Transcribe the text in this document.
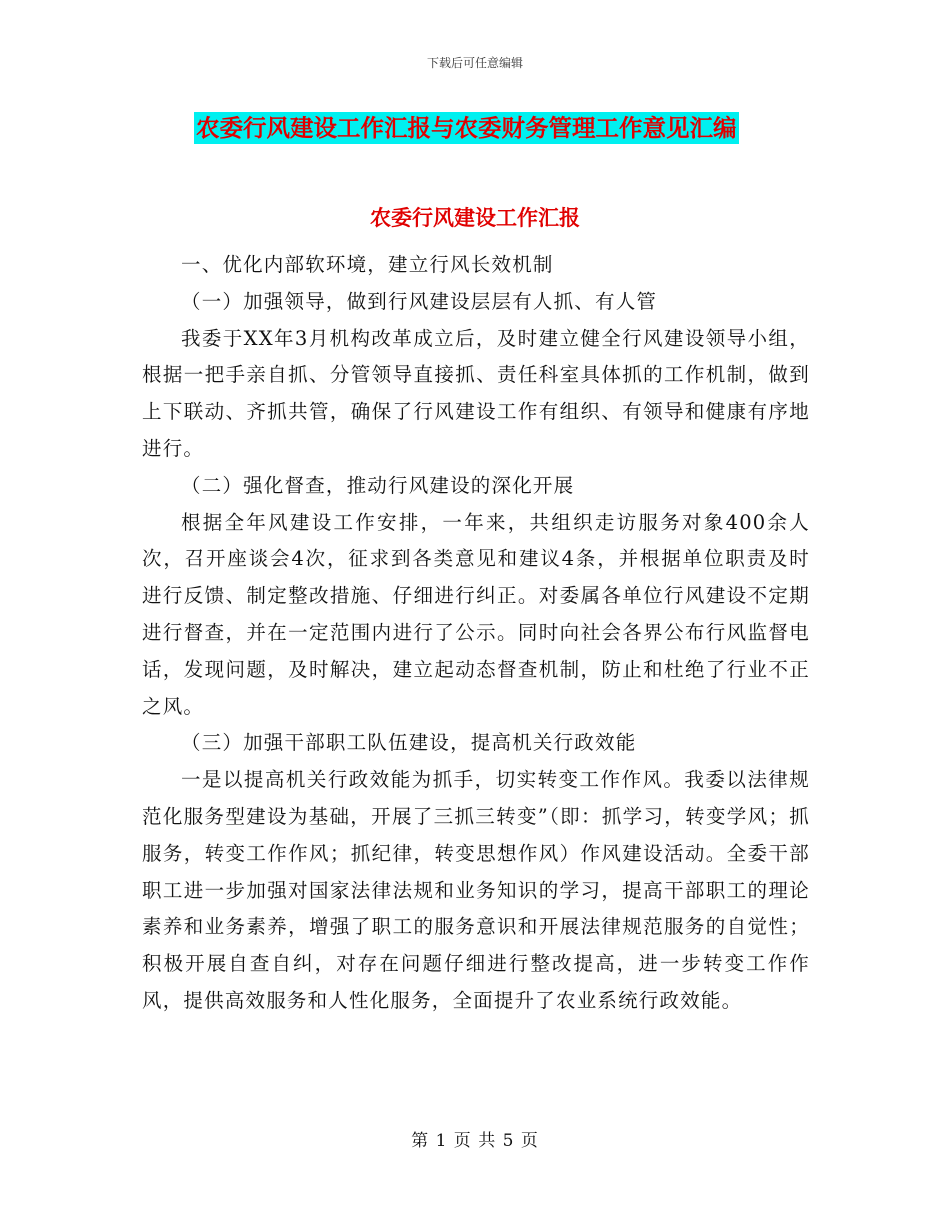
下载后可任意编辑
农委行风建设工作汇报与农委财务管理工作意见汇编
农委行风建设工作汇报

一、优化内部软环境，建立行风长效机制

（一）加强领导，做到行风建设层层有人抓、有人管

我委于XX年3月机构改革成立后，及时建立健全行风建设领导小组，根据一把手亲自抓、分管领导直接抓、责任科室具体抓的工作机制，做到上下联动、齐抓共管，确保了行风建设工作有组织、有领导和健康有序地进行。

（二）强化督查，推动行风建设的深化开展

根据全年风建设工作安排，一年来，共组织走访服务对象400余人次，召开座谈会4次，征求到各类意见和建议4条，并根据单位职责及时进行反馈、制定整改措施、仔细进行纠正。对委属各单位行风建设不定期进行督查，并在一定范围内进行了公示。同时向社会各界公布行风监督电话，发现问题，及时解决，建立起动态督查机制，防止和杜绝了行业不正之风。

（三）加强干部职工队伍建设，提高机关行政效能

一是以提高机关行政效能为抓手，切实转变工作作风。我委以法律规范化服务型建设为基础，开展了三抓三转变”（即：抓学习，转变学风；抓服务，转变工作作风；抓纪律，转变思想作风）作风建设活动。全委干部职工进一步加强对国家法律法规和业务知识的学习，提高干部职工的理论素养和业务素养，增强了职工的服务意识和开展法律规范服务的自觉性；积极开展自查自纠，对存在问题仔细进行整改提高，进一步转变工作作风，提供高效服务和人性化服务，全面提升了农业系统行政效能。

第 1 页 共 5 页
